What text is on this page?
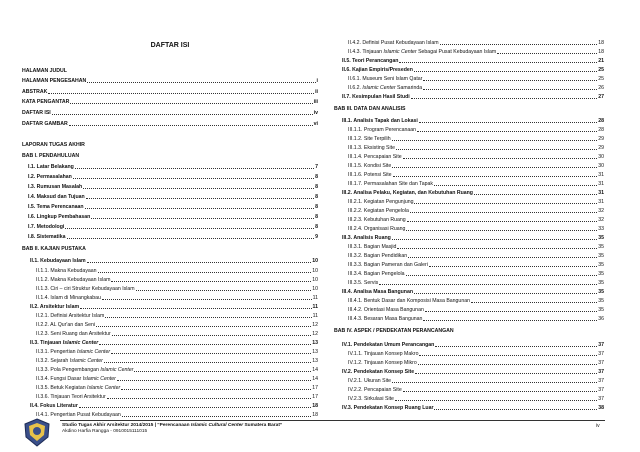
DAFTAR ISI
HALAMAN JUDUL
HALAMAN PENGESAHAN	i
ABSTRAK	ii
KATA PENGANTAR	iii
DAFTAR ISI	iv
DAFTAR GAMBAR	vi
LAPORAN TUGAS AKHIR
BAB I. PENDAHULUAN
I.1. Latar Belakang	7
I.2. Permasalahan	8
I.3. Rumusan Masalah	8
I.4. Maksud dan Tujuan	8
I.5. Tema Perencanaan	8
I.6. Lingkup Pembahasan	8
I.7. Metodologi	8
I.8. Sistematika	9
BAB II. KAJIAN PUSTAKA
II.1. Kebudayaan Islam	10
II.1.1. Makna Kebudayaan	10
II.1.2. Makna Kebudayaan Islam	10
II.1.3. Ciri – ciri Struktur Kebudayaan Islam	10
II.1.4. Islam di Minangkabau	11
II.2. Arsitektur Islam	11
II.2.1. Definisi Arsitektur Islam	11
II.2.2. AL Qur'an dan Seni	12
II.2.3. Seni Ruang dan Arsitektur	12
II.3. Tinjauan Islamic Center	13
II.3.1. Pengertian Islamic Center	13
II.3.2. Sejarah Islamic Center	13
II.3.3. Pola Pengembangan Islamic Center	14
II.3.4. Fungsi Dasar Islamic Center	14
II.3.5. Betuk Kegiatan Islamic Center	17
II.3.6. Tinjauan Teori Arsitektur	17
II.4. Fokus Literatur	18
II.4.1. Pengertian Pusat Kebudayaan	18
II.4.2. Definisi Pusat Kebudayaan Islam	18
II.4.3. Tinjauan Islamic Center Sebagai Pusat Kebudayaan Islam	18
II.5. Teori Perancangan	21
II.6. Kajian Empiris/Preseden	25
II.6.1. Museum Seni Islam Qatar	25
II.6.2. Islamic Center Samarinda	26
II.7. Kesimpulan Hasil Studi	27
BAB III. DATA DAN ANALISIS
III.1. Analisis Tapak dan Lokasi	28
III.1.1. Program Perencanaan	28
III.1.2. Site Terpilih	29
III.1.3. Eksisting Site	29
III.1.4. Pencapaian Site	30
III.1.5. Kondisi Site	30
III.1.6. Potensi Site	31
III.1.7. Permasalahan Site dan Tapak	31
III.2. Analisa Pelaku, Kegiatan, dan Kebutuhan Ruang	31
III.2.1. Kegiatan Pengunjung	31
III.2.2. Kegiatan Pengelola	32
III.2.3. Kebutuhan Ruang	32
III.2.4. Organisasi Ruang	33
III.3. Analisis Ruang	35
III.3.1. Bagian Masjid	35
III.3.2. Bagian Pendidikan	35
III.3.3. Bagian Pameran dan Galeri	35
III.3.4. Bagian Pengelola	35
III.3.5. Servis	35
III.4. Analisa Masa Bangunan	35
III.4.1. Bentuk Dasar dan Komposisi Masa Bangunan	35
III.4.2. Orientasi Masa Bangunan	35
III.4.3. Besaran Masa Bangunan	36
BAB IV. ASPEK / PENDEKATAN PERANCANGAN
IV.1. Pendekatan Umum Perancangan	37
IV.1.1. Tinjauan Konsep Makro	37
IV.1.2. Tinjauan Konsep Mikro	37
IV.2. Pendekatan Konsep Site	37
IV.2.1. Ukuran Site	37
IV.2.2. Pencapaian Site	37
IV.2.3. Sirkulasi Site	37
IV.3. Pendekatan Konsep Ruang Luar	38
Studio Tugas Akhir Arsitektur 2014/2015 | “Perencanaan Islamic Cultural Center Sumatera Barat”
Akdino Harfia Rangga - 0910015111015
iv
